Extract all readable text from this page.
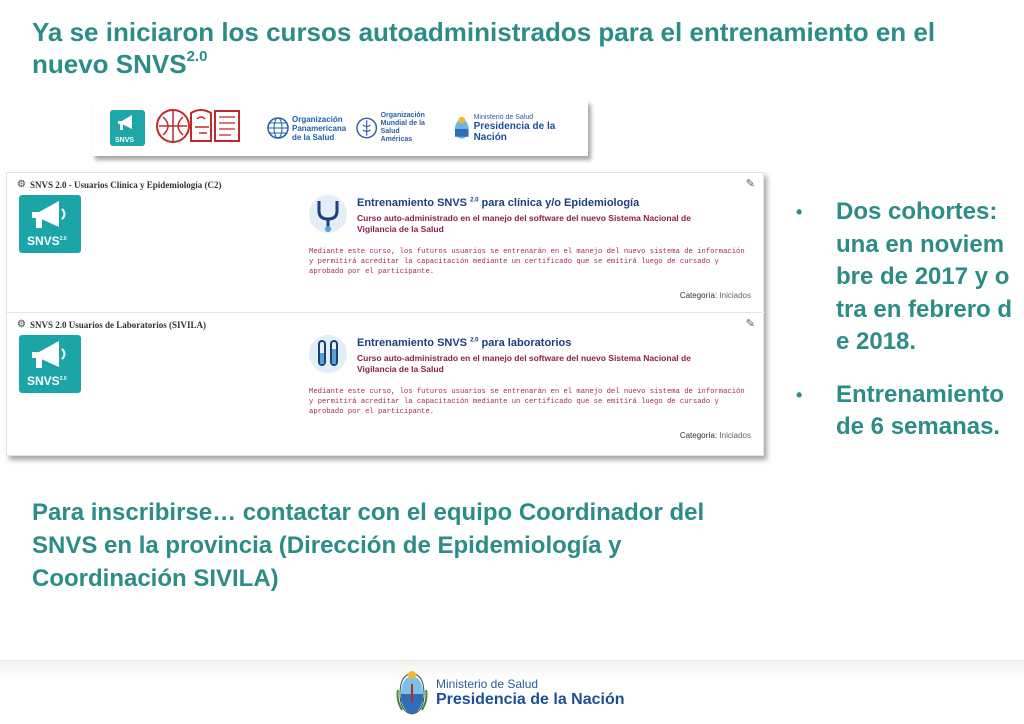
Ya se iniciaron los cursos autoadministrados para el entrenamiento en el nuevo $SNVS^{2.0}$
SNVS
Organización
Panamericana
de la Salud
Organización
Mundial de la Salud
Américas
Ministerio de Salud
Presidencia de la Nación
⚙ SNVS 2.0 - Usuarios Clínica y Epidemiología (C2)	✎
$SNVS^{2.0}$
Entrenamiento SNVS $^{2.0}$ para clínica y/o Epidemiología
Curso auto-administrado en el manejo del software del nuevo Sistema Nacional de Vigilancia de la Salud
Mediante este curso, los futuros usuarios se entrenarán en el manejo del nuevo sistema de información y permitirá acreditar la capacitación mediante un certificado que se emitirá luego de cursado y aprobado por el participante.
Categoría: Iniciados
⚙ SNVS 2.0 Usuarios de Laboratorios (SIVILA)	✎
$SNVS^{2.0}$
Entrenamiento SNVS $^{2.0}$ para laboratorios
Curso auto-administrado en el manejo del software del nuevo Sistema Nacional de Vigilancia de la Salud
Mediante este curso, los futuros usuarios se entrenarán en el manejo del nuevo sistema de información y permitirá acreditar la capacitación mediante un certificado que se emitirá luego de cursado y aprobado por el participante.
Categoría: Iniciados
•	Dos cohortes: una en noviembre de 2017 y otra en febrero de 2018.
•	Entrenamiento de 6 semanas.
Para inscribirse… contactar con el equipo Coordinador del SNVS en la provincia (Dirección de Epidemiología y Coordinación SIVILA)
Ministerio de Salud
Presidencia de la Nación
